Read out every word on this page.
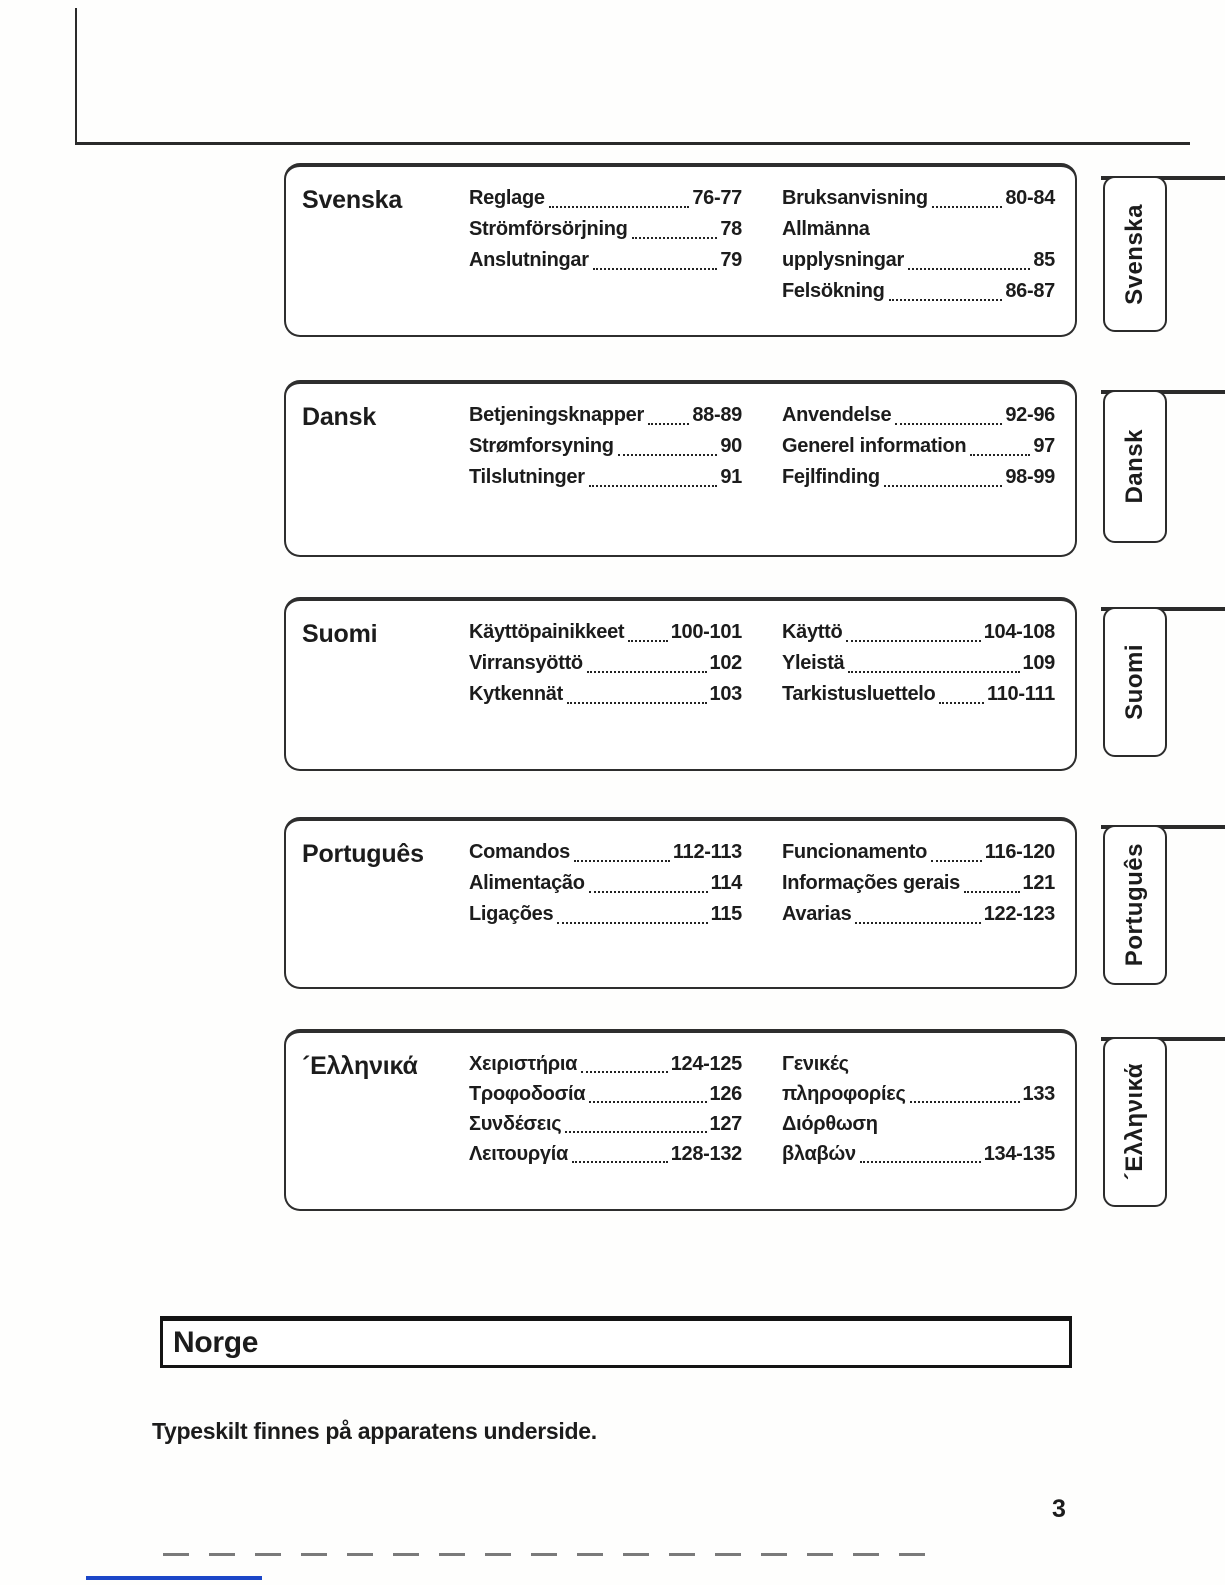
Svenska	Reglage	76-77
Strömförsörjning	78
Anslutningar	79
Bruksanvisning	80-84
Allmänna
upplysningar	85
Felsökning	86-87
Dansk	Betjeningsknapper 88-89
Strømforsyning	90
Tilslutninger	91
Anvendelse	92-96
Generel information	97
Fejlfinding	98-99
Suomi	Käyttöpainikkeet 100-101
Virransyöttö	102
Kytkennät	103
Käyttö	104-108
Yleistä	109
Tarkistusluettelo	110-111
Português	Comandos	112-113
Alimentação	114
Ligações	115
Funcionamento	116-120
Informações gerais	121
Avarias	122-123
´Ελληνικά	Χειριστήρια	124-125
Τροφοδοσία	126
Συνδέσεις	127
Λειτουργία	128-132
Γενικές
πληροφορίες	133
Διόρθωση
βλαβών	134-135
Svenska
Dansk
Suomi
Português
´Ελληνικά
Norge
Typeskilt finnes på apparatens underside.
3
